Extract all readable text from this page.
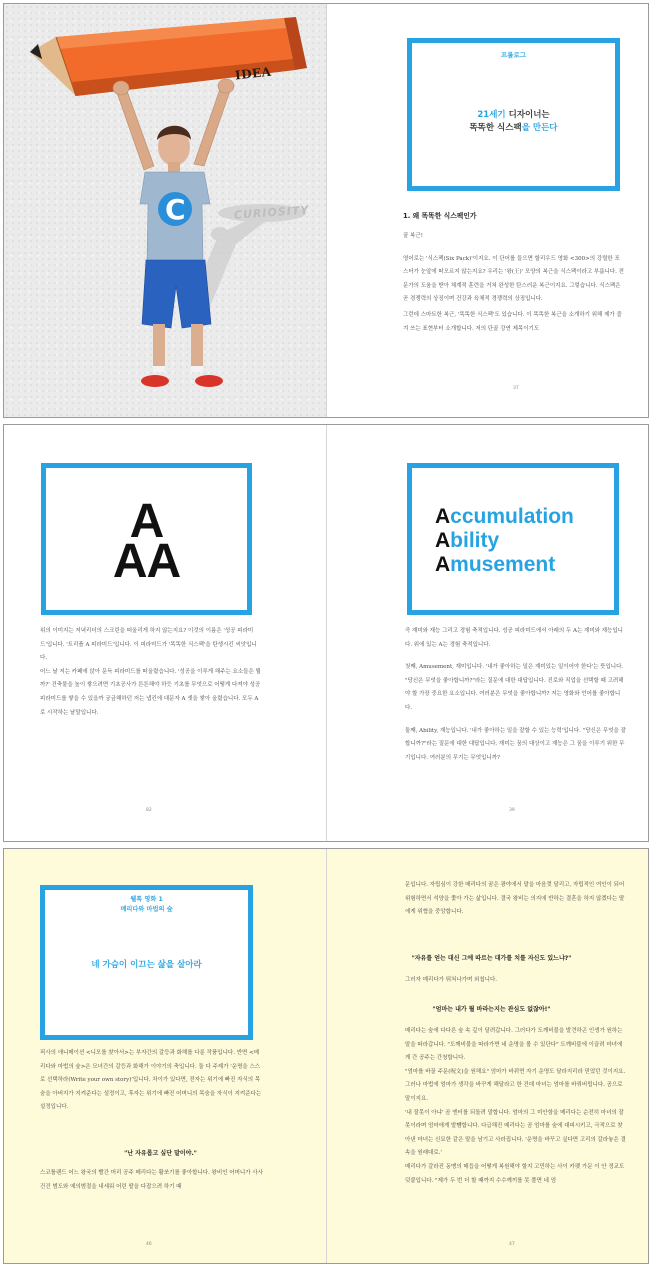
CURIOSITY
IDEA
C
프롤로그
21세기 디자이너는
똑똑한 식스팩을 만든다
1. 왜 똑똑한 식스팩인가

꿀 복근!

영어로는 '식스팩(Six Pack)'이지요. 이 단어를 들으면 할리우드 영화 <300>의 강렬한 포스터가 눈앞에 떠오르지 않는지요? 우리는 '왕(王)' 모양의 복근을 식스팩이라고 부릅니다. 전문가의 도움을 받아 체계적 훈련을 거쳐 완성한 탄스러운 복근이지요. 그렇습니다. 식스팩은 곧 경쟁력의 상징이며 건강과 육체적 경쟁력의 상징입니다.

그런데 스마트한 복근, '똑똑한 식스팩'도 있습니다. 이 똑똑한 복근을 소개하기 위해 제가 즐겨 쓰는 표현부터 소개합니다. 저의 단골 강연 제목이기도

37
A
AA

위의 이미지는 저녁리더의 스크린을 떠올리게 하지 않는지요? 이것의 이름은 '성공 피라미드'입니다. '트리플 A 피라미드'입니다. 이 피라미드가 '똑똑한 식스팩'을 탄생시킨 씨앗입니다.

어느 날 저는 카페에 앉아 문득 피라미드를 떠올렸습니다. '성공을 이루게 해주는 요소들은 뭘까?' 건축물을 높이 쌓으려면 기초공사가 튼튼해야 하듯 기초를 무엇으로 어떻게 다져야 성공 피라미드를 쌓을 수 있을까 궁금해하던 저는 냅킨에 대문자 A 셋을 쌓아 올렸습니다. 모두 A로 시작하는 낱말입니다.

82
Accumulation
Ability
Amusement

즉 재미와 재능 그리고 경험 축적입니다. 성공 피라미드에서 아래의 두 A는 재미와 재능입니다. 위에 있는 A는 경험 축적입니다.

첫째, Amusement, 재미입니다. '내가 좋아하는 일은 재미있는 일이어야 한다'는 뜻입니다. "당신은 무엇을 좋아합니까?"라는 질문에 대한 대답입니다. 진로와 직업을 선택할 때 고려해야 할 가장 중요한 요소입니다. 여러분은 무엇을 좋아합니까? 저는 영화와 언어를 좋아합니다.

둘째, Ability, 재능입니다. '내가 좋아하는 일을 잘할 수 있는 능력'입니다. "당신은 무엇을 잘합니까?"라는 질문에 대한 대답입니다. 재미는 꿈의 대상이고 재능은 그 꿈을 이루기 위한 무기입니다. 여러분의 무기는 무엇입니까?

39
웰톡 영화 1
메리다와 마법의 숲
네 가슴이 이끄는 삶을 살아라

픽사의 애니메이션 <니모를 찾아서>는 부자간의 갈등과 화해를 다룬 작품입니다. 반면 <메리다와 마법의 숲>은 모녀간의 갈등과 화해가 이야기의 축입니다. 둘 다 주제가 '운명을 스스로 선택하라(Write your own story)'입니다. 차이가 있다면, 전자는 위기에 빠진 자식의 목숨을 아버지가 지켜준다는 설정이고, 후자는 위기에 빠진 어머니의 목숨을 자식이 지켜준다는 설정입니다.

"난 자유롭고 싶단 말이야."

스코틀랜드 어느 왕국의 빨간 머리 공주 메리다는 활쏘기를 좋아합니다. 왕비인 어머니가 사사건건 범도와 예의범절을 내세워 어린 딸을 다잡으려 하기 때

46

문입니다. 자립심이 강한 메리다의 꿈은 광야에서 말을 마음껏 달리고, 자립적인 여인이 되어 위험하면서 석양을 쫓아 가는 삶입니다. 결국 왕비는 의지에 반하는 결혼을 하지 않겠다는 딸에게 위협을 중앙합니다.

"자유를 얻는 대신 그에 따르는 대가를 치를 자신도 있느냐?"

그러자 메리다가 뛰쳐나가며 외칩니다.

"엄마는 내가 뭘 바라는지는 관심도 없잖아!"

메리다는 숲에 다다른 숲 속 깊이 달려갑니다. 그러다가 도깨비불을 발견하곤 인생가 원하는 말을 따라갑니다. "도깨비불을 따라가면 네 운명을 볼 수 있단다" 도깨비불에 이끌려 마녀에게 간 공주는 간청합니다.

"엄마를 바꿀 주문(呪文)을 원해요" 엄마가 바뀌면 자기 운명도 달라지리라 믿었던 것이지요. 그러나 마법에 엄마가 생각을 바꾸게 해달라고 한 건데 마녀는 엄마를 바꿔버립니다. 곰으로 말이지요.

'내 잘못이 아냐' 곰 엔터를 되돌려 말합니다. 엄마의 그 미안함을 메리다는 순전히 마녀의 잘못이라며 엄마에게 발뺌합니다. 다급해진 메리다는 곰 엄마를 숲에 대피시키고, 극적으로 찾아낸 마녀는 신묘한 같은 말을 남기고 사라집니다. '운명을 바꾸고 싶다면 고리의 갈라놓은 결속을 원래대로.'

메리다가 갈라진 동맹의 매듭을 어떻게 복원해야 할지 고민하는 사이 카펫 가문 이 안 정교도 덧붙입니다. "제가 두 번 더 할 때까지 수수께끼를 못 풀면 네 엄

47
